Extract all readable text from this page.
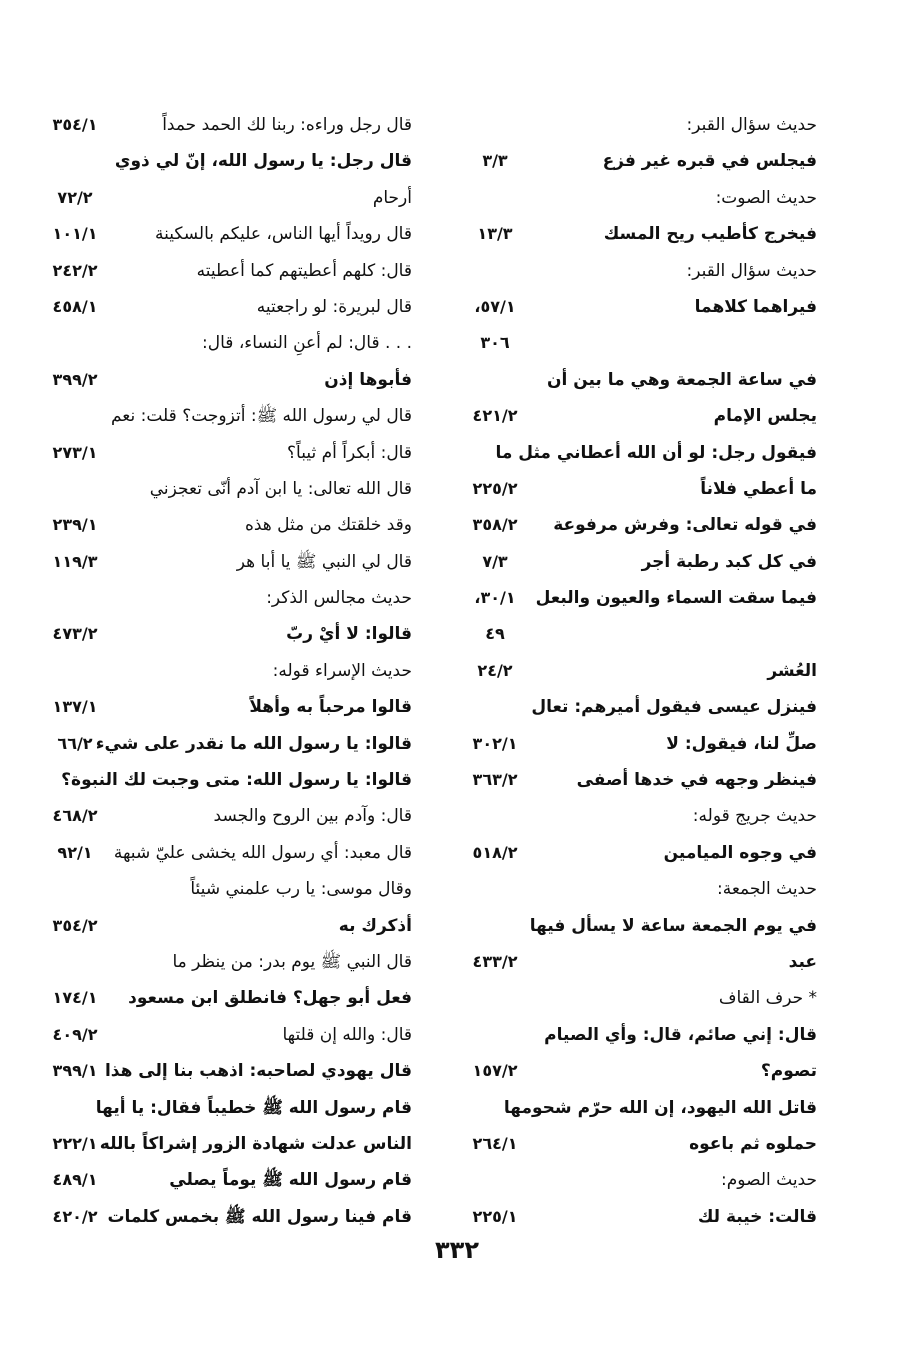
حديث سؤال القبر:
فيجلس في قبره غير فزع
٣/٣
حديث الصوت:
فيخرج كأطيب ريح المسك
١٣/٣
حديث سؤال القبر:
فيراهما كلاهما
٥٧/١،
٣٠٦
في ساعة الجمعة وهي ما بين أن
يجلس الإمام
٤٢١/٢
فيقول رجل: لو أن الله أعطاني مثل ما
ما أعطي فلاناً
٢٢٥/٢
في قوله تعالى: وفرش مرفوعة
٣٥٨/٢
في كل كبد رطبة أجر
٧/٣
فيما سقت السماء والعيون والبعل
٣٠/١،
٤٩
العُشر
٢٤/٢
فينزل عيسى فيقول أميرهم: تعال
صلِّ لنا، فيقول: لا
٣٠٢/١
فينظر وجهه في خدها أصفى
٣٦٣/٢
حديث جريج قوله:
في وجوه الميامين
٥١٨/٢
حديث الجمعة:
في يوم الجمعة ساعة لا يسأل فيها
عبد
٤٣٣/٢
* حرف القاف
قال: إني صائم، قال: وأي الصيام
تصوم؟
١٥٧/٢
قاتل الله اليهود، إن الله حرّم شحومها
حملوه ثم باعوه
٢٦٤/١
حديث الصوم:
قالت: خيبة لك
٢٢٥/١
قال رجل وراءه: ربنا لك الحمد حمداً
٣٥٤/١
قال رجل: يا رسول الله، إنّ لي ذوي
أرحام
٧٢/٢
قال رويداً أيها الناس، عليكم بالسكينة
١٠١/١
قال: كلهم أعطيتهم كما أعطيته
٢٤٢/٢
قال لبريرة: لو راجعتيه
٤٥٨/١
. . . قال: لم أعنِ النساء، قال:
فأبوها إذن
٣٩٩/٢
قال لي رسول الله ﷺ: أتزوجت؟ قلت: نعم
قال: أبكراً أم ثيباً؟
٢٧٣/١
قال الله تعالى: يا ابن آدم أنّى تعجزني
وقد خلقتك من مثل هذه
٢٣٩/١
قال لي النبي ﷺ يا أبا هر
١١٩/٣
حديث مجالس الذكر:
قالوا: لا أيْ ربّ
٤٧٣/٢
حديث الإسراء قوله:
قالوا مرحباً به وأهلاً
١٣٧/١
قالوا: يا رسول الله ما نقدر على شيء
٦٦/٢
قالوا: يا رسول الله: متى وجبت لك النبوة؟
قال: وآدم بين الروح والجسد
٤٦٨/٢
قال معبد: أي رسول الله يخشى عليّ شبهة
٩٢/١
وقال موسى: يا رب علمني شيئاً
أذكرك به
٣٥٤/٢
قال النبي ﷺ يوم بدر: من ينظر ما
فعل أبو جهل؟ فانطلق ابن مسعود
١٧٤/١
قال: والله إن قلتها
٤٠٩/٢
قال يهودي لصاحبه: اذهب بنا إلى هذا
٣٩٩/١
قام رسول الله ﷺ خطيباً فقال: يا أيها
الناس عدلت شهادة الزور إشراكاً بالله
٢٢٢/١
قام رسول الله ﷺ يوماً يصلي
٤٨٩/١
قام فينا رسول الله ﷺ بخمس كلمات
٤٢٠/٢
٣٣٢
